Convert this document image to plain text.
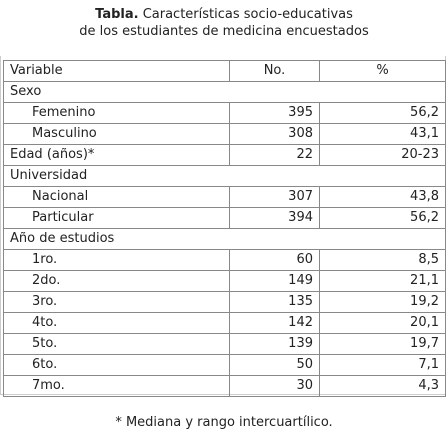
Tabla. Características socio-educativas
de los estudiantes de medicina encuestados
Variable	No.	%
Sexo		
Femenino	395	56,2
Masculino	308	43,1
Edad (años)*	22	20-23
Universidad		
Nacional	307	43,8
Particular	394	56,2
Año de estudios		
1ro.	60	8,5
2do.	149	21,1
3ro.	135	19,2
4to.	142	20,1
5to.	139	19,7
6to.	50	7,1
7mo.	30	4,3
* Mediana y rango intercuartílico.
